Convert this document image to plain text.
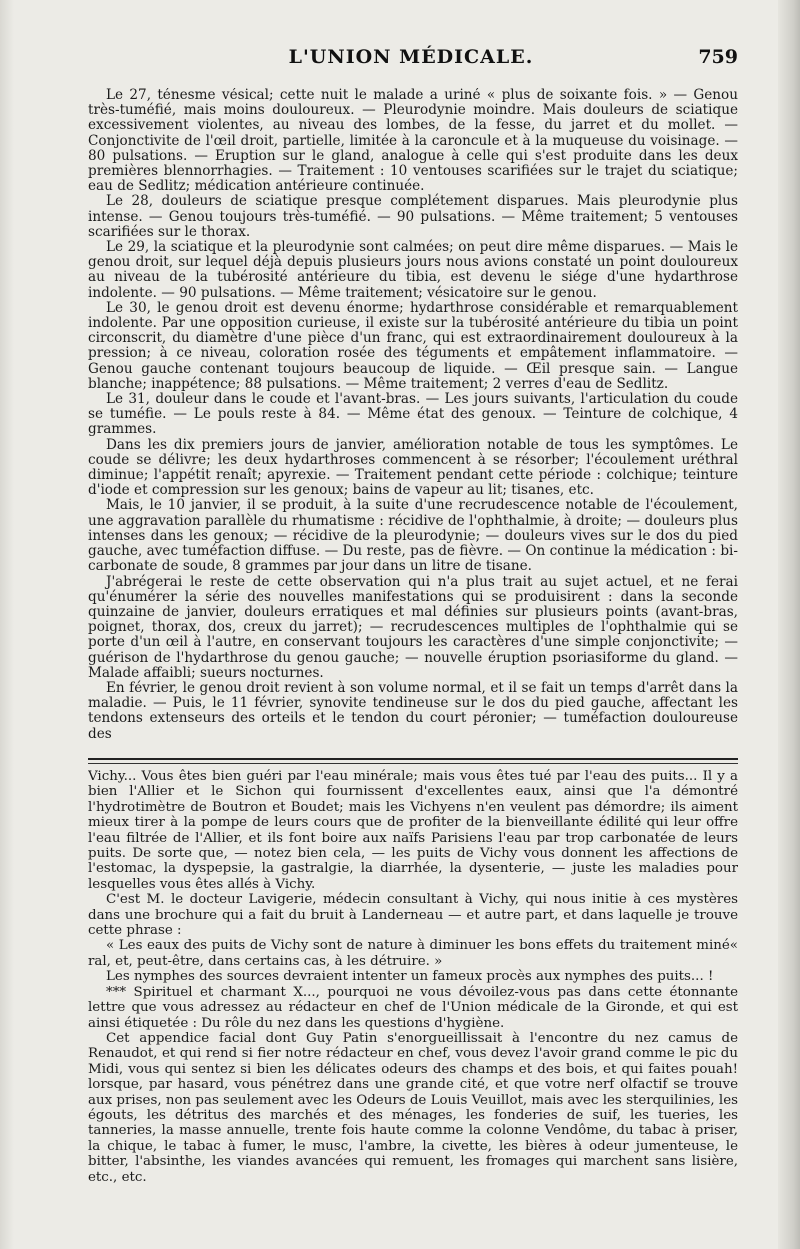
L'UNION MÉDICALE.	759

Le 27, ténesme vésical; cette nuit le malade a uriné « plus de soixante fois. » — Genou très-tuméfié, mais moins douloureux. — Pleurodynie moindre. Mais douleurs de sciatique excessivement violentes, au niveau des lombes, de la fesse, du jarret et du mollet. — Conjonctivite de l'œil droit, partielle, limitée à la caroncule et à la muqueuse du voisinage. — 80 pulsations. — Eruption sur le gland, analogue à celle qui s'est produite dans les deux premières blennorrhagies. — Traitement : 10 ventouses scarifiées sur le trajet du sciatique; eau de Sedlitz; médication antérieure continuée.

Le 28, douleurs de sciatique presque complétement disparues. Mais pleurodynie plus intense. — Genou toujours très-tuméfié. — 90 pulsations. — Même traitement; 5 ventouses scarifiées sur le thorax.

Le 29, la sciatique et la pleurodynie sont calmées; on peut dire même disparues. — Mais le genou droit, sur lequel déjà depuis plusieurs jours nous avions constaté un point douloureux au niveau de la tubérosité antérieure du tibia, est devenu le siége d'une hydarthrose indolente. — 90 pulsations. — Même traitement; vésicatoire sur le genou.

Le 30, le genou droit est devenu énorme; hydarthrose considérable et remarquablement indolente. Par une opposition curieuse, il existe sur la tubérosité antérieure du tibia un point circonscrit, du diamètre d'une pièce d'un franc, qui est extraordinairement douloureux à la pression; à ce niveau, coloration rosée des téguments et empâtement inflammatoire. — Genou gauche contenant toujours beaucoup de liquide. — Œil presque sain. — Langue blanche; inappétence; 88 pulsations. — Même traitement; 2 verres d'eau de Sedlitz.

Le 31, douleur dans le coude et l'avant-bras. — Les jours suivants, l'articulation du coude se tuméfie. — Le pouls reste à 84. — Même état des genoux. — Teinture de colchique, 4 grammes.

Dans les dix premiers jours de janvier, amélioration notable de tous les symptômes. Le coude se délivre; les deux hydarthroses commencent à se résorber; l'écoulement uréthral diminue; l'appétit renaît; apyrexie. — Traitement pendant cette période : colchique; teinture d'iode et compression sur les genoux; bains de vapeur au lit; tisanes, etc.

Mais, le 10 janvier, il se produit, à la suite d'une recrudescence notable de l'écoulement, une aggravation parallèle du rhumatisme : récidive de l'ophthalmie, à droite; — douleurs plus intenses dans les genoux; — récidive de la pleurodynie; — douleurs vives sur le dos du pied gauche, avec tuméfaction diffuse. — Du reste, pas de fièvre. — On continue la médication : bi-carbonate de soude, 8 grammes par jour dans un litre de tisane.

J'abrégerai le reste de cette observation qui n'a plus trait au sujet actuel, et ne ferai qu'énumérer la série des nouvelles manifestations qui se produisirent : dans la seconde quinzaine de janvier, douleurs erratiques et mal définies sur plusieurs points (avant-bras, poignet, thorax, dos, creux du jarret); — recrudescences multiples de l'ophthalmie qui se porte d'un œil à l'autre, en conservant toujours les caractères d'une simple conjonctivite; — guérison de l'hydarthrose du genou gauche; — nouvelle éruption psoriasiforme du gland. — Malade affaibli; sueurs nocturnes.

En février, le genou droit revient à son volume normal, et il se fait un temps d'arrêt dans la maladie. — Puis, le 11 février, synovite tendineuse sur le dos du pied gauche, affectant les tendons extenseurs des orteils et le tendon du court péronier; — tuméfaction douloureuse des

Vichy... Vous êtes bien guéri par l'eau minérale; mais vous êtes tué par l'eau des puits... Il y a bien l'Allier et le Sichon qui fournissent d'excellentes eaux, ainsi que l'a démontré l'hydrotimètre de Boutron et Boudet; mais les Vichyens n'en veulent pas démordre; ils aiment mieux tirer à la pompe de leurs cours que de profiter de la bienveillante édilité qui leur offre l'eau filtrée de l'Allier, et ils font boire aux naïfs Parisiens l'eau par trop carbonatée de leurs puits. De sorte que, — notez bien cela, — les puits de Vichy vous donnent les affections de l'estomac, la dyspepsie, la gastralgie, la diarrhée, la dysenterie, — juste les maladies pour lesquelles vous êtes allés à Vichy.

C'est M. le docteur Lavigerie, médecin consultant à Vichy, qui nous initie à ces mystères dans une brochure qui a fait du bruit à Landerneau — et autre part, et dans laquelle je trouve cette phrase :

« Les eaux des puits de Vichy sont de nature à diminuer les bons effets du traitement miné« ral, et, peut-être, dans certains cas, à les détruire. »

Les nymphes des sources devraient intenter un fameux procès aux nymphes des puits... !

*** Spirituel et charmant X..., pourquoi ne vous dévoilez-vous pas dans cette étonnante lettre que vous adressez au rédacteur en chef de l'Union médicale de la Gironde, et qui est ainsi étiquetée : Du rôle du nez dans les questions d'hygiène.

Cet appendice facial dont Guy Patin s'enorgueillissait à l'encontre du nez camus de Renaudot, et qui rend si fier notre rédacteur en chef, vous devez l'avoir grand comme le pic du Midi, vous qui sentez si bien les délicates odeurs des champs et des bois, et qui faites pouah! lorsque, par hasard, vous pénétrez dans une grande cité, et que votre nerf olfactif se trouve aux prises, non pas seulement avec les Odeurs de Louis Veuillot, mais avec les sterquilinies, les égouts, les détritus des marchés et des ménages, les fonderies de suif, les tueries, les tanneries, la masse annuelle, trente fois haute comme la colonne Vendôme, du tabac à priser, la chique, le tabac à fumer, le musc, l'ambre, la civette, les bières à odeur jumenteuse, le bitter, l'absinthe, les viandes avancées qui remuent, les fromages qui marchent sans lisière, etc., etc.
